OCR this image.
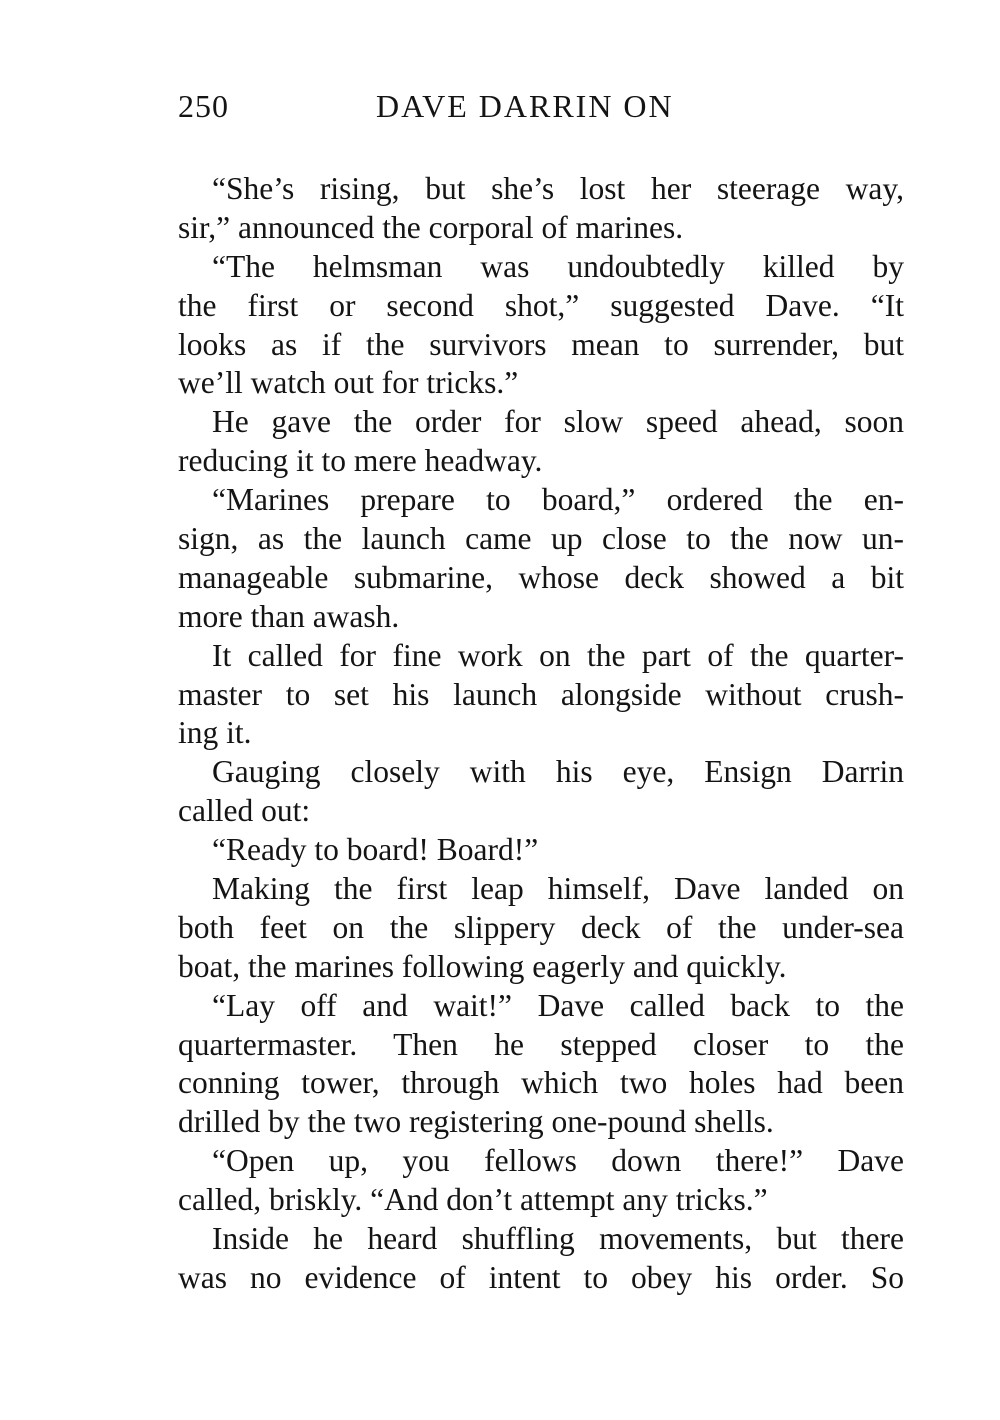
250	DAVE DARRIN ON
“She’s rising, but she’s lost her steerage way,
sir,” announced the corporal of marines.
“The helmsman was undoubtedly killed by
the first or second shot,” suggested Dave. “It
looks as if the survivors mean to surrender, but
we’ll watch out for tricks.”
He gave the order for slow speed ahead, soon
reducing it to mere headway.
“Marines prepare to board,” ordered the en-
sign, as the launch came up close to the now un-
manageable submarine, whose deck showed a bit
more than awash.
It called for fine work on the part of the quarter-
master to set his launch alongside without crush-
ing it.
Gauging closely with his eye, Ensign Darrin
called out:
“Ready to board! Board!”
Making the first leap himself, Dave landed on
both feet on the slippery deck of the under-sea
boat, the marines following eagerly and quickly.
“Lay off and wait!” Dave called back to the
quartermaster. Then he stepped closer to the
conning tower, through which two holes had been
drilled by the two registering one-pound shells.
“Open up, you fellows down there!” Dave
called, briskly. “And don’t attempt any tricks.”
Inside he heard shuffling movements, but there
was no evidence of intent to obey his order. So
